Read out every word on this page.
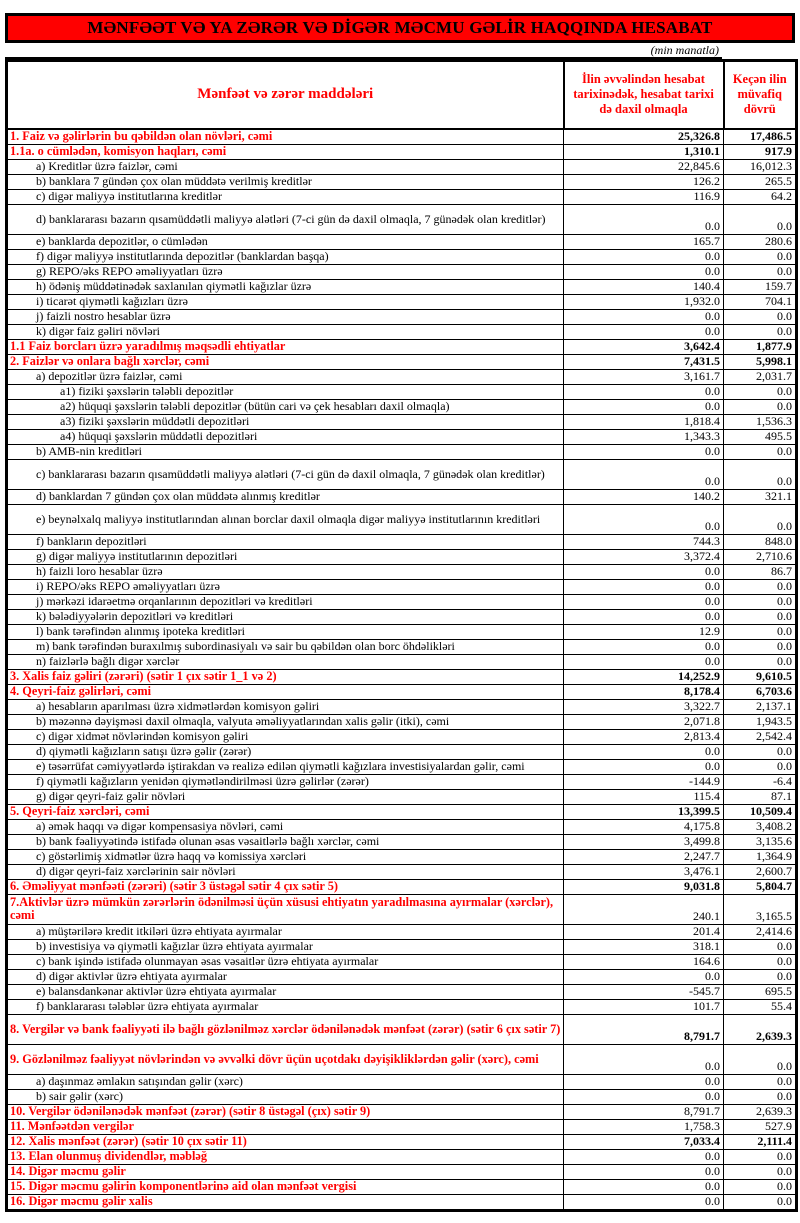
MƏNFƏƏT VƏ YA ZƏRƏR VƏ DİGƏR MƏCMU GƏLİR HAQQINDA HESABAT
(min manatla)
Mənfəət və zərər maddələri	İlin əvvəlindən hesabat tarixinədək, hesabat tarixi də daxil olmaqla	Keçən ilin müvafiq dövrü
1. Faiz və gəlirlərin bu qəbildən olan növləri, cəmi	25,326.8	17,486.5
1.1a. o cümlədən, komisyon haqları, cəmi	1,310.1	917.9
a) Kreditlər üzrə faizlər, cəmi	22,845.6	16,012.3
b) banklara 7 gündən çox olan müddətə verilmiş kreditlər	126.2	265.5
c) digər maliyyə institutlarına kreditlər	116.9	64.2
d) banklararası bazarın qısamüddətli maliyyə alətləri (7-ci gün də daxil olmaqla, 7 günədək olan kreditlər)	0.0	0.0
e) banklarda depozitlər, o cümlədən	165.7	280.6
f) digər maliyyə institutlarında depozitlər (banklardan başqa)	0.0	0.0
g) REPO/əks REPO əməliyyatları üzrə	0.0	0.0
h) ödəniş müddətinədək saxlanılan qiymətli kağızlar üzrə	140.4	159.7
i) ticarət qiymətli kağızları üzrə	1,932.0	704.1
j) faizli nostro hesablar üzrə	0.0	0.0
k) digər faiz gəliri növləri	0.0	0.0
1.1 Faiz borcları üzrə yaradılmış məqsədli ehtiyatlar	3,642.4	1,877.9
2. Faizlər və onlara bağlı xərclər, cəmi	7,431.5	5,998.1
a) depozitlər üzrə faizlər, cəmi	3,161.7	2,031.7
a1) fiziki şəxslərin tələbli depozitlər	0.0	0.0
a2) hüquqi şəxslərin tələbli depozitlər (bütün cari və çek hesabları daxil olmaqla)	0.0	0.0
a3) fiziki şəxslərin müddətli depozitləri	1,818.4	1,536.3
a4) hüquqi şəxslərin müddətli depozitləri	1,343.3	495.5
b) AMB-nin kreditləri	0.0	0.0
c) banklararası bazarın qısamüddətli maliyyə alətləri (7-ci gün də daxil olmaqla, 7 günədək olan kreditlər)	0.0	0.0
d) banklardan 7 gündən çox olan müddətə alınmış kreditlər	140.2	321.1
e) beynəlxalq maliyyə institutlarından alınan borclar daxil olmaqla digər maliyyə institutlarının kreditləri	0.0	0.0
f) bankların depozitləri	744.3	848.0
g) digər maliyyə institutlarının depozitləri	3,372.4	2,710.6
h) faizli loro hesablar üzrə	0.0	86.7
i) REPO/əks REPO əməliyyatları üzrə	0.0	0.0
j) mərkəzi idarəetmə orqanlarının depozitləri və kreditləri	0.0	0.0
k) bələdiyyələrin depozitləri və kreditləri	0.0	0.0
l) bank tərəfindən alınmış ipoteka kreditləri	12.9	0.0
m) bank tərəfindən buraxılmış subordinasiyalı və sair bu qəbildən olan borc öhdəlikləri	0.0	0.0
n) faizlərlə bağlı digər xərclər	0.0	0.0
3. Xalis faiz gəliri (zərəri) (sətir 1 çıx sətir 1_1 və 2)	14,252.9	9,610.5
4. Qeyri-faiz gəlirləri, cəmi	8,178.4	6,703.6
a) hesabların aparılması üzrə xidmətlərdən komisyon gəliri	3,322.7	2,137.1
b) məzənnə dəyişməsi daxil olmaqla, valyuta əməliyyatlarından xalis gəlir (itki), cəmi	2,071.8	1,943.5
c) digər xidmət növlərindən komisyon gəliri	2,813.4	2,542.4
d) qiymətli kağızların satışı üzrə gəlir (zərər)	0.0	0.0
e) təsərrüfat cəmiyyətlərdə iştirakdan və realizə edilən qiymətli kağızlara investisiyalardan gəlir, cəmi	0.0	0.0
f) qiymətli kağızların yenidən qiymətləndirilməsi üzrə gəlirlər (zərər)	-144.9	-6.4
g) digər qeyri-faiz gəlir növləri	115.4	87.1
5. Qeyri-faiz xərcləri, cəmi	13,399.5	10,509.4
a) əmək haqqı və digər kompensasiya növləri, cəmi	4,175.8	3,408.2
b) bank fəaliyyətində istifadə olunan əsas vəsaitlərlə bağlı xərclər, cəmi	3,499.8	3,135.6
c) göstərlimiş xidmətlər üzrə haqq və komissiya xərcləri	2,247.7	1,364.9
d) digər qeyri-faiz xərclərinin sair növləri	3,476.1	2,600.7
6. Əməliyyat mənfəəti (zərəri) (sətir 3 üstəgəl sətir 4 çıx sətir 5)	9,031.8	5,804.7
7.Aktivlər üzrə mümkün zərərlərin ödənilməsi üçün xüsusi ehtiyatın yaradılmasına ayırmalar (xərclər), cəmi	240.1	3,165.5
a) müştərilərə kredit itkiləri üzrə ehtiyata ayırmalar	201.4	2,414.6
b) investisiya və qiymətli kağızlar üzrə ehtiyata ayırmalar	318.1	0.0
c) bank işində istifadə olunmayan əsas vəsaitlər üzrə ehtiyata ayırmalar	164.6	0.0
d) digər aktivlər üzrə ehtiyata ayırmalar	0.0	0.0
e) balansdankənar aktivlər üzrə ehtiyata ayırmalar	-545.7	695.5
f) banklararası tələblər üzrə ehtiyata ayırmalar	101.7	55.4
8. Vergilər və bank fəaliyyəti ilə bağlı gözlənilməz xərclər ödənilənədək mənfəət (zərər) (sətir 6 çıx sətir 7)	8,791.7	2,639.3
9. Gözlənilməz fəaliyyət növlərindən və əvvəlki dövr üçün uçotdakı dəyişikliklərdən gəlir (xərc), cəmi	0.0	0.0
a) daşınmaz əmlakın satışından gəlir (xərc)	0.0	0.0
b) sair gəlir (xərc)	0.0	0.0
10. Vergilər ödənilənədək mənfəət (zərər) (sətir 8 üstəgəl (çıx) sətir 9)	8,791.7	2,639.3
11. Mənfəətdən vergilər	1,758.3	527.9
12. Xalis mənfəət (zərər) (sətir 10 çıx sətir 11)	7,033.4	2,111.4
13. Elan olunmuş dividendlər, məbləğ	0.0	0.0
14. Digər məcmu gəlir	0.0	0.0
15. Digər məcmu gəlirin komponentlərinə aid olan mənfəət vergisi	0.0	0.0
16. Digər məcmu gəlir xalis	0.0	0.0
